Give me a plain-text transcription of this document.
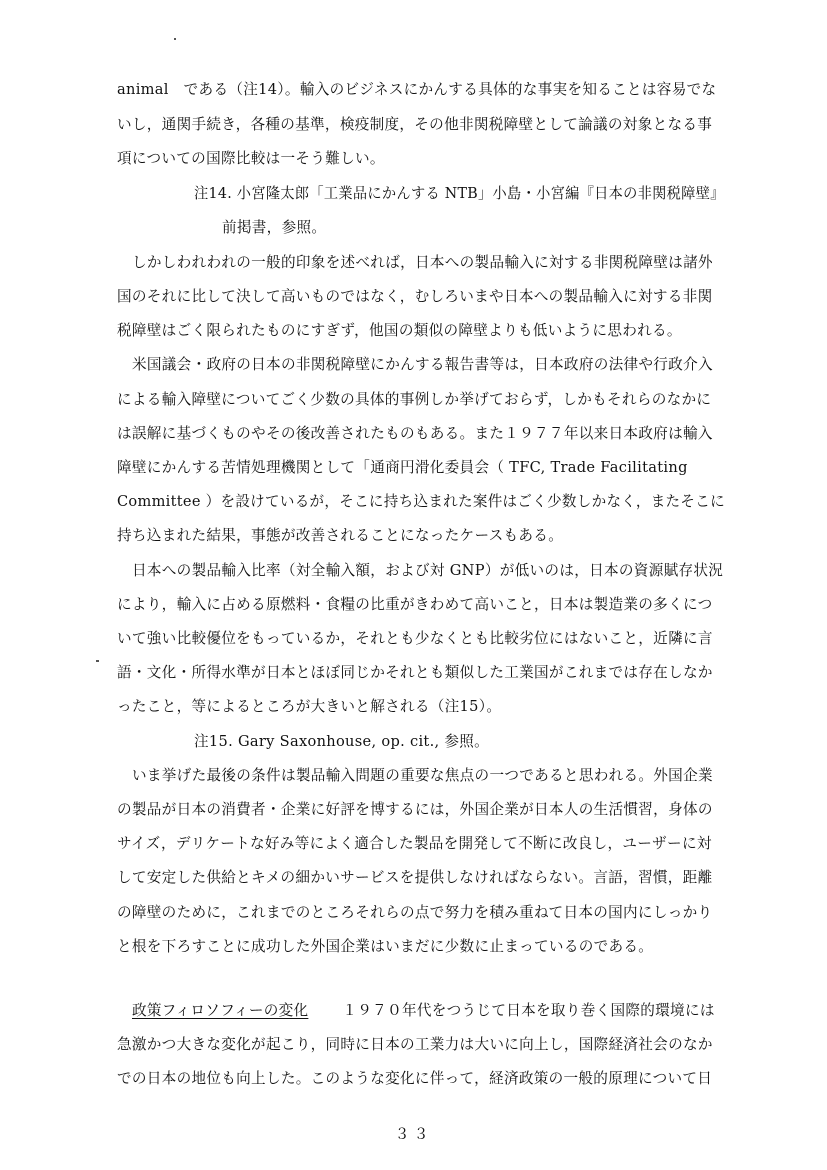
animal　である（注14）。輸入のビジネスにかんする具体的な事実を知ることは容易でな
いし，通関手続き，各種の基準，検疫制度，その他非関税障壁として論議の対象となる事
項についての国際比較は一そう難しい。
注14. 小宮隆太郎「工業品にかんする NTB」小島・小宮編『日本の非関税障壁』
前掲書，参照。
しかしわれわれの一般的印象を述べれば，日本への製品輸入に対する非関税障壁は諸外
国のそれに比して決して高いものではなく，むしろいまや日本への製品輸入に対する非関
税障壁はごく限られたものにすぎず，他国の類似の障壁よりも低いように思われる。
米国議会・政府の日本の非関税障壁にかんする報告書等は，日本政府の法律や行政介入
による輸入障壁についてごく少数の具体的事例しか挙げておらず，しかもそれらのなかに
は誤解に基づくものやその後改善されたものもある。また１９７７年以来日本政府は輸入
障壁にかんする苦情処理機関として「通商円滑化委員会（ TFC, Trade Facilitating
Committee ）を設けているが，そこに持ち込まれた案件はごく少数しかなく，またそこに
持ち込まれた結果，事態が改善されることになったケースもある。
日本への製品輸入比率（対全輸入額，および対 GNP）が低いのは，日本の資源賦存状況
により，輸入に占める原燃料・食糧の比重がきわめて高いこと，日本は製造業の多くにつ
いて強い比較優位をもっているか，それとも少なくとも比較劣位にはないこと，近隣に言
語・文化・所得水準が日本とほぼ同じかそれとも類似した工業国がこれまでは存在しなか
ったこと，等によるところが大きいと解される（注15）。
注15. Gary Saxonhouse, op. cit., 参照。
いま挙げた最後の条件は製品輸入問題の重要な焦点の一つであると思われる。外国企業
の製品が日本の消費者・企業に好評を博するには，外国企業が日本人の生活慣習，身体の
サイズ，デリケートな好み等によく適合した製品を開発して不断に改良し，ユーザーに対
して安定した供給とキメの細かいサービスを提供しなければならない。言語，習慣，距離
の障壁のために，これまでのところそれらの点で努力を積み重ねて日本の国内にしっかり
と根を下ろすことに成功した外国企業はいまだに少数に止まっているのである。
政策フィロソフィーの変化 １９７０年代をつうじて日本を取り巻く国際的環境には
急激かつ大きな変化が起こり，同時に日本の工業力は大いに向上し，国際経済社会のなか
での日本の地位も向上した。このような変化に伴って，経済政策の一般的原理について日
３３
